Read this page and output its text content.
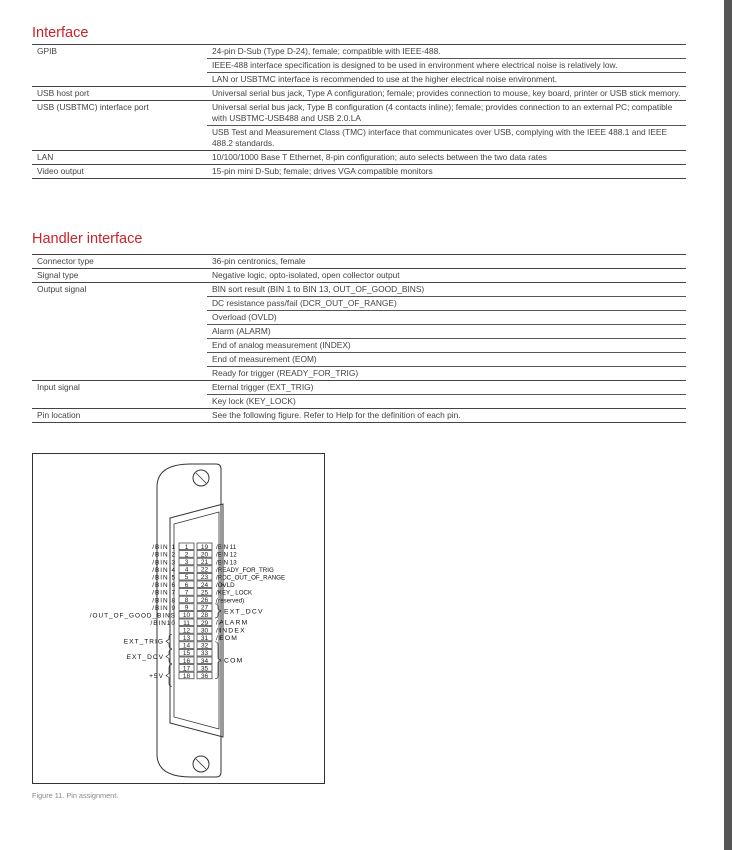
Interface
GPIB	24-pin D-Sub (Type D-24), female; compatible with IEEE-488.
	IEEE-488 interface specification is designed to be used in environment where electrical noise is relatively low.
	LAN or USBTMC interface is recommended to use at the higher electrical noise environment.
USB host port	Universal serial bus jack, Type A configuration; female; provides connection to mouse, key board, printer or USB stick memory.
USB (USBTMC) interface port	Universal serial bus jack, Type B configuration (4 contacts inline); female; provides connection to an external PC; compatible with USBTMC-USB488 and USB 2.0.LA
	USB Test and Measurement Class (TMC) interface that communicates over USB, complying with the IEEE 488.1 and IEEE 488.2 standards.
LAN	10/100/1000 Base T Ethernet, 8-pin configuration; auto selects between the two data rates
Video output	15-pin mini D-Sub; female; drives VGA compatible monitors
Handler interface
Connector type	36-pin centronics, female
Signal type	Negative logic, opto-isolated, open collector output
Output signal	BIN sort result (BIN 1 to BIN 13, OUT_OF_GOOD_BINS)
	DC resistance pass/fail (DCR_OUT_OF_RANGE)
	Overload (OVLD)
	Alarm (ALARM)
	End of analog measurement (INDEX)
	End of measurement (EOM)
	Ready for trigger (READY_FOR_TRIG)
Input signal	Eternal trigger (EXT_TRIG)
	Key lock (KEY_LOCK)
Pin location	See the following figure. Refer to Help for the definition of each pin.
1
2
3
4
5
6
7
8
9
10
11
12
13
14
15
16
17
18
19
20
21
22
23
24
25
26
27
28
29
30
31
32
33
34
35
36
/BIN 1
/BIN 2
/BIN 3
/BIN 4
/BIN 5
/BIN 6
/BIN 7
/BIN 8
/BIN 9
/OUT_OF_GOOD_BINS
/BIN10
EXT_TRIG
EXT_DCV
+5V
/BIN 11
/BIN 12
/BIN 13
/READY_FOR_TRIG
/RDC_OUT_OF_RANGE
/OVLD
/KEY_ LOCK
(reserved)
EXT_DCV
/ALARM
/INDEX
/EOM
COM
Figure 11. Pin assignment.
